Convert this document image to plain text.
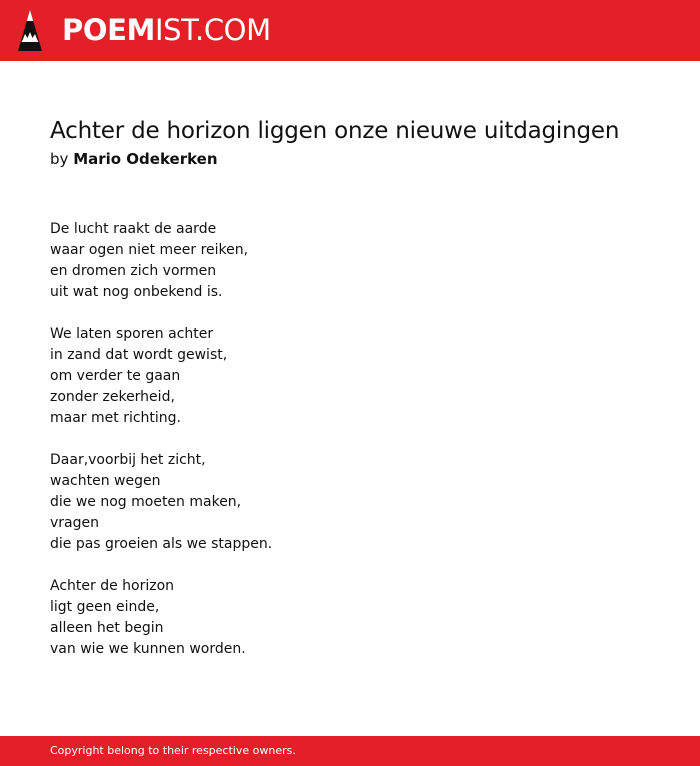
POEMIST.COM
Achter de horizon liggen onze nieuwe uitdagingen
by Mario Odekerken
De lucht raakt de aarde
waar ogen niet meer reiken,
en dromen zich vormen
uit wat nog onbekend is.
We laten sporen achter
in zand dat wordt gewist,
om verder te gaan
zonder zekerheid,
maar met richting.
Daar,voorbij het zicht,
wachten wegen
die we nog moeten maken,
vragen
die pas groeien als we stappen.
Achter de horizon
ligt geen einde,
alleen het begin
van wie we kunnen worden.
Copyright belong to their respective owners.
